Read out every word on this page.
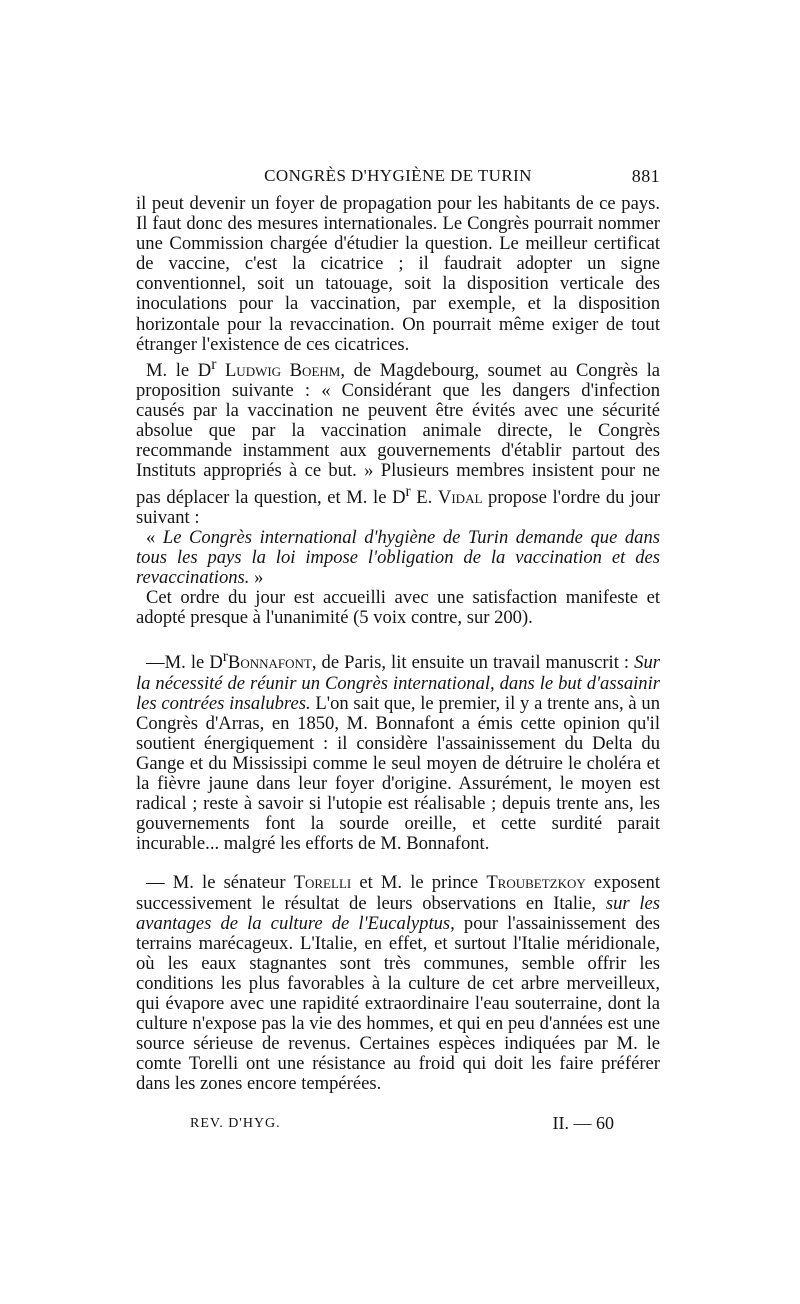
CONGRÈS D'HYGIÈNE DE TURIN	881

il peut devenir un foyer de propagation pour les habitants de ce pays. Il faut donc des mesures internationales. Le Congrès pourrait nommer une Commission chargée d'étudier la question. Le meilleur certificat de vaccine, c'est la cicatrice ; il faudrait adopter un signe conventionnel, soit un tatouage, soit la disposition verticale des inoculations pour la vaccination, par exemple, et la disposition horizontale pour la revaccination. On pourrait même exiger de tout étranger l'existence de ces cicatrices.

M. le $D^r$ Ludwig Boehm, de Magdebourg, soumet au Congrès la proposition suivante : « Considérant que les dangers d'infection causés par la vaccination ne peuvent être évités avec une sécurité absolue que par la vaccination animale directe, le Congrès recommande instamment aux gouvernements d'établir partout des Instituts appropriés à ce but. » Plusieurs membres insistent pour ne pas déplacer la question, et M. le $D^r$ E. Vidal propose l'ordre du jour suivant :

« Le Congrès international d'hygiène de Turin demande que dans tous les pays la loi impose l'obligation de la vaccination et des revaccinations. »

Cet ordre du jour est accueilli avec une satisfaction manifeste et adopté presque à l'unanimité (5 voix contre, sur 200).

—M. le $D^rBonnafont$, de Paris, lit ensuite un travail manuscrit : Sur la nécessité de réunir un Congrès international, dans le but d'assainir les contrées insalubres. L'on sait que, le premier, il y a trente ans, à un Congrès d'Arras, en 1850, M. Bonnafont a émis cette opinion qu'il soutient énergiquement : il considère l'assainissement du Delta du Gange et du Mississipi comme le seul moyen de détruire le choléra et la fièvre jaune dans leur foyer d'origine. Assurément, le moyen est radical ; reste à savoir si l'utopie est réalisable ; depuis trente ans, les gouvernements font la sourde oreille, et cette surdité parait incurable... malgré les efforts de M. Bonnafont.

— M. le sénateur Torelli et M. le prince Troubetzkoy exposent successivement le résultat de leurs observations en Italie, sur les avantages de la culture de l'Eucalyptus, pour l'assainissement des terrains marécageux. L'Italie, en effet, et surtout l'Italie méridionale, où les eaux stagnantes sont très communes, semble offrir les conditions les plus favorables à la culture de cet arbre merveilleux, qui évapore avec une rapidité extraordinaire l'eau souterraine, dont la culture n'expose pas la vie des hommes, et qui en peu d'années est une source sérieuse de revenus. Certaines espèces indiquées par M. le comte Torelli ont une résistance au froid qui doit les faire préférer dans les zones encore tempérées.

REV. D'HYG.	II. — 60
